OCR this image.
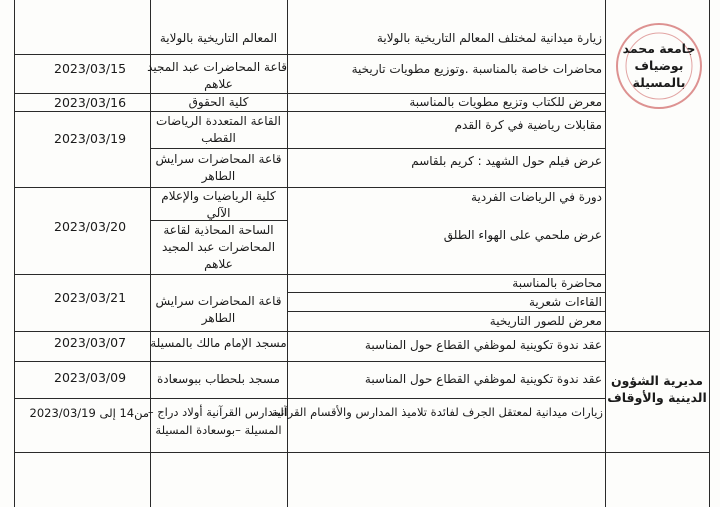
جامعة محمد
بوضياف
بالمسيلة
مديرية الشؤون
الدينية والأوقاف
زيارة ميدانية لمختلف المعالم التاريخية بالولاية
المعالم التاريخية بالولاية
محاضرات خاصة بالمناسبة .وتوزيع مطويات تاريخية
قاعة المحاضرات عبد المجيد
علاهم
2023/03/15
معرض للكتاب وتزيع مطويات بالمناسبة
كلية الحقوق
2023/03/16
مقابلات رياضية في كرة القدم
القاعة المتعددة الرياضات
القطب
2023/03/19
عرض فيلم حول الشهيد : كريم بلقاسم
قاعة المحاضرات سرايش
الطاهر
دورة في الرياضات الفردية
كلية الرياضيات والإعلام
الآلي
2023/03/20
عرض ملحمي على الهواء الطلق
الساحة المحاذية لقاعة
المحاضرات عبد المجيد
علاهم
محاضرة بالمناسبة
القاءات شعرية
معرض للصور التاريخية
قاعة المحاضرات سرايش
الطاهر
2023/03/21
عقد ندوة تكوينية لموظفي القطاع حول المناسبة
مسجد الإمام مالك بالمسيلة
2023/03/07
عقد ندوة تكوينية لموظفي القطاع حول المناسبة
مسجد بلحطاب ببوسعادة
2023/03/09
زيارات ميدانية لمعتقل الجرف لفائدة تلاميذ المدارس والأقسام القرآنية
المدارس القرآنية أولاد دراج –
المسيلة –بوسعادة المسيلة
من14 إلى 2023/03/19
